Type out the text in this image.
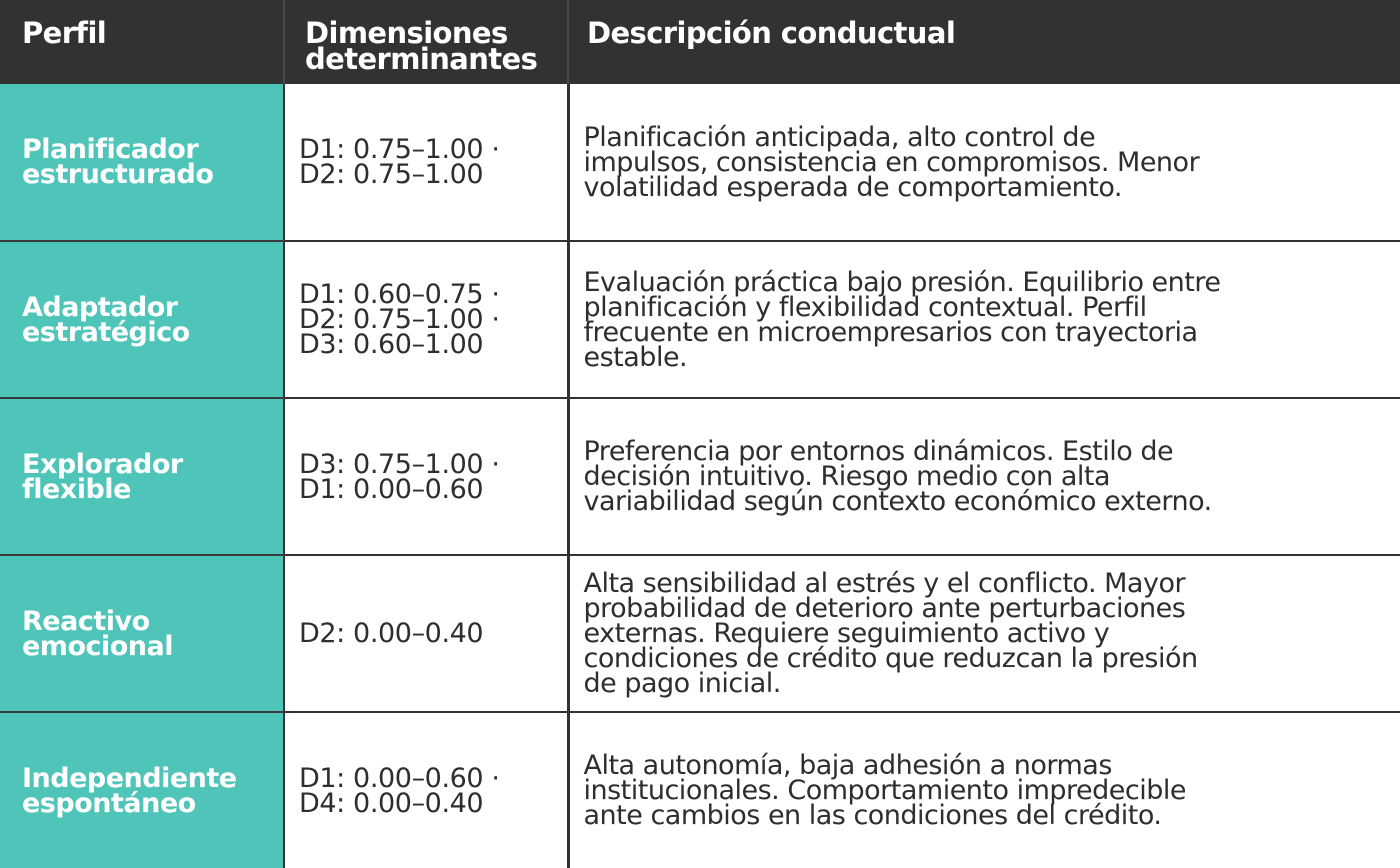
Perfil	Dimensiones
determinantes	Descripción conductual

Planificador
estructurado	D1: 0.75–1.00 ·
D2: 0.75–1.00	Planificación anticipada, alto control de
impulsos, consistencia en compromisos. Menor
volatilidad esperada de comportamiento.

Adaptador
estratégico	D1: 0.60–0.75 ·
D2: 0.75–1.00 ·
D3: 0.60–1.00	Evaluación práctica bajo presión. Equilibrio entre
planificación y flexibilidad contextual. Perfil
frecuente en microempresarios con trayectoria
estable.

Explorador
flexible	D3: 0.75–1.00 ·
D1: 0.00–0.60	Preferencia por entornos dinámicos. Estilo de
decisión intuitivo. Riesgo medio con alta
variabilidad según contexto económico externo.

Reactivo
emocional	D2: 0.00–0.40	Alta sensibilidad al estrés y el conflicto. Mayor
probabilidad de deterioro ante perturbaciones
externas. Requiere seguimiento activo y
condiciones de crédito que reduzcan la presión
de pago inicial.

Independiente
espontáneo	D1: 0.00–0.60 ·
D4: 0.00–0.40	Alta autonomía, baja adhesión a normas
institucionales. Comportamiento impredecible
ante cambios en las condiciones del crédito.
